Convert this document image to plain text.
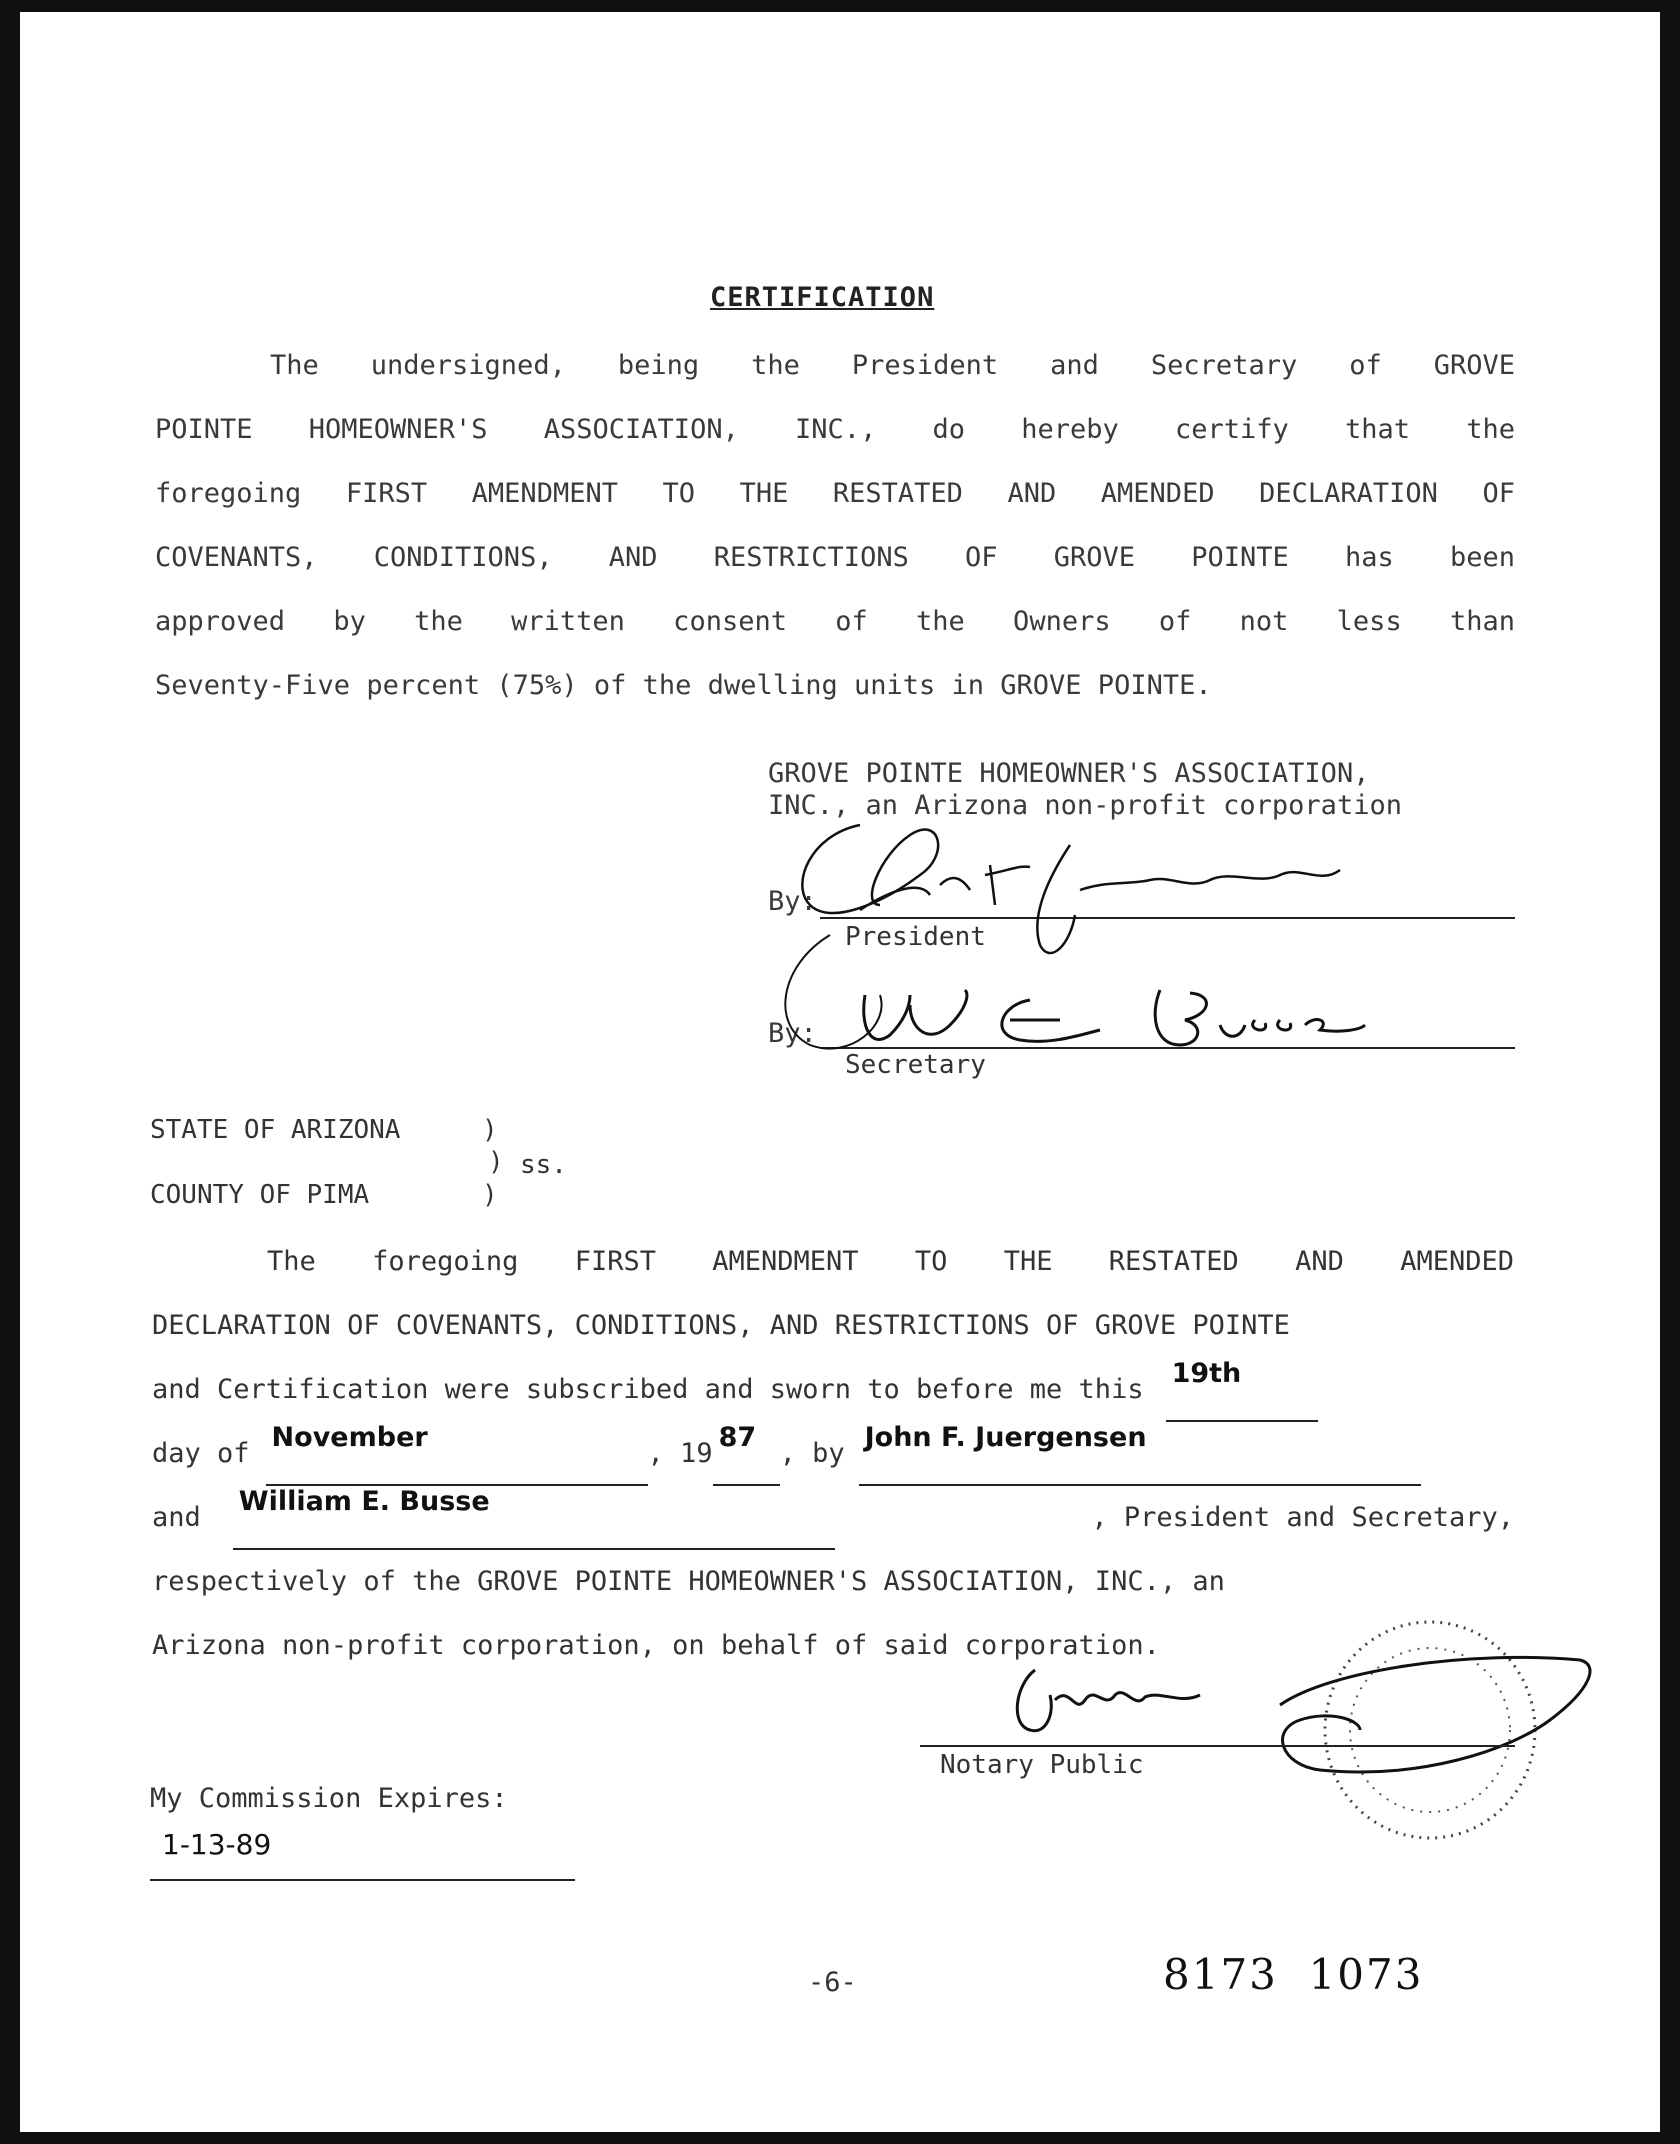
CERTIFICATION
The undersigned, being the President and Secretary of GROVE
POINTE HOMEOWNER'S ASSOCIATION, INC., do hereby certify that the
foregoing FIRST AMENDMENT TO THE RESTATED AND AMENDED DECLARATION OF
COVENANTS, CONDITIONS, AND RESTRICTIONS OF GROVE POINTE has been
approved by the written consent of the Owners of not less than
Seventy-Five percent (75%) of the dwelling units in GROVE POINTE.
GROVE POINTE HOMEOWNER'S ASSOCIATION,
INC., an Arizona non-profit corporation
By:
President
By:
Secretary
STATE OF ARIZONA
COUNTY OF PIMA
)
)
)
ss.
The foregoing FIRST AMENDMENT TO THE RESTATED AND AMENDED
DECLARATION OF COVENANTS, CONDITIONS, AND RESTRICTIONS OF GROVE POINTE
and Certification were subscribed and sworn to before me this
19th
day of
November
, 19
87
, by
John F. Juergensen
and
William E. Busse
, President and Secretary,
respectively of the GROVE POINTE HOMEOWNER'S ASSOCIATION, INC., an
Arizona non-profit corporation, on behalf of said corporation.
Notary Public
My Commission Expires:
1-13-89
-6-	8173  1073
